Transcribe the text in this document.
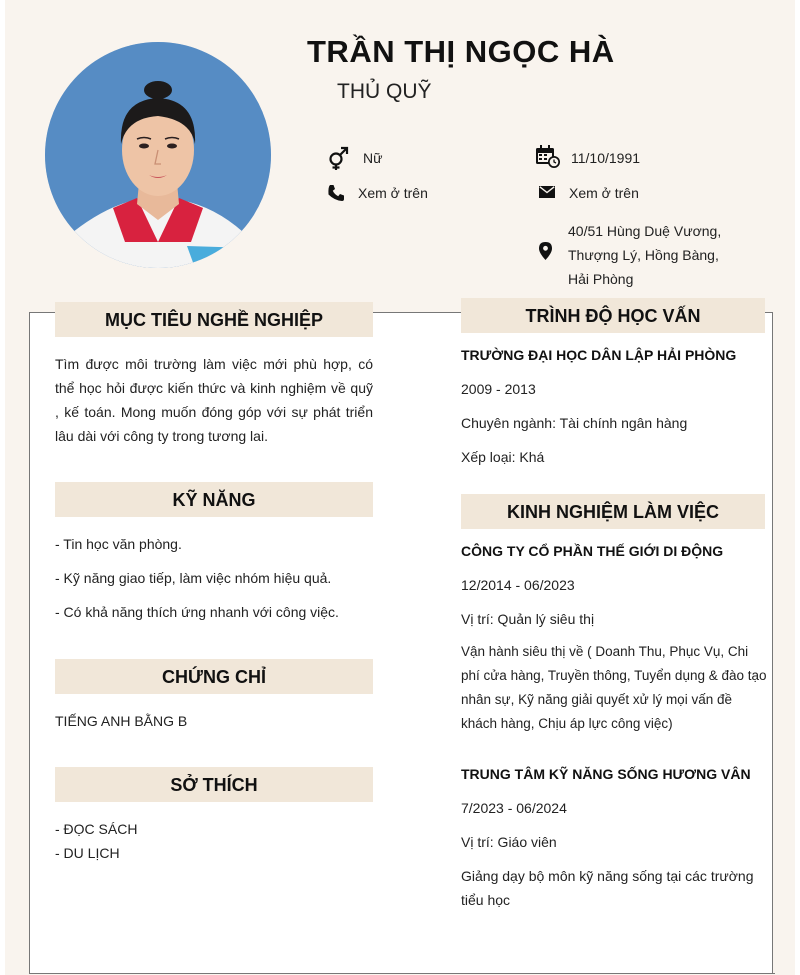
TRẦN THỊ NGỌC HÀ
THỦ QUỸ
Nữ	11/10/1991
Xem ở trên	Xem ở trên
40/51 Hùng Duệ Vương,
Thượng Lý, Hồng Bàng,
Hải Phòng
MỤC TIÊU NGHỀ NGHIỆP
Tìm được môi trường làm việc mới phù hợp, có thể học hỏi được kiến thức và kinh nghiệm về quỹ , kế toán. Mong muốn đóng góp với sự phát triển lâu dài với công ty trong tương lai.
KỸ NĂNG
- Tin học văn phòng.
- Kỹ năng giao tiếp, làm việc nhóm hiệu quả.
- Có khả năng thích ứng nhanh với công việc.
CHỨNG CHỈ
TIẾNG ANH BẰNG B
SỞ THÍCH
- ĐỌC SÁCH
- DU LỊCH
TRÌNH ĐỘ HỌC VẤN
TRƯỜNG ĐẠI HỌC DÂN LẬP HẢI PHÒNG
2009 - 2013
Chuyên ngành: Tài chính ngân hàng
Xếp loại: Khá
KINH NGHIỆM LÀM VIỆC
CÔNG TY CỔ PHẦN THẾ GIỚI DI ĐỘNG
12/2014 - 06/2023
Vị trí: Quản lý siêu thị
Vận hành siêu thị về ( Doanh Thu, Phục Vụ, Chi phí cửa hàng, Truyền thông, Tuyển dụng & đào tạo nhân sự, Kỹ năng giải quyết xử lý mọi vấn đề khách hàng, Chịu áp lực công việc)
TRUNG TÂM KỸ NĂNG SỐNG HƯƠNG VÂN
7/2023 - 06/2024
Vị trí: Giáo viên
Giảng dạy bộ môn kỹ năng sống tại các trường tiểu học
